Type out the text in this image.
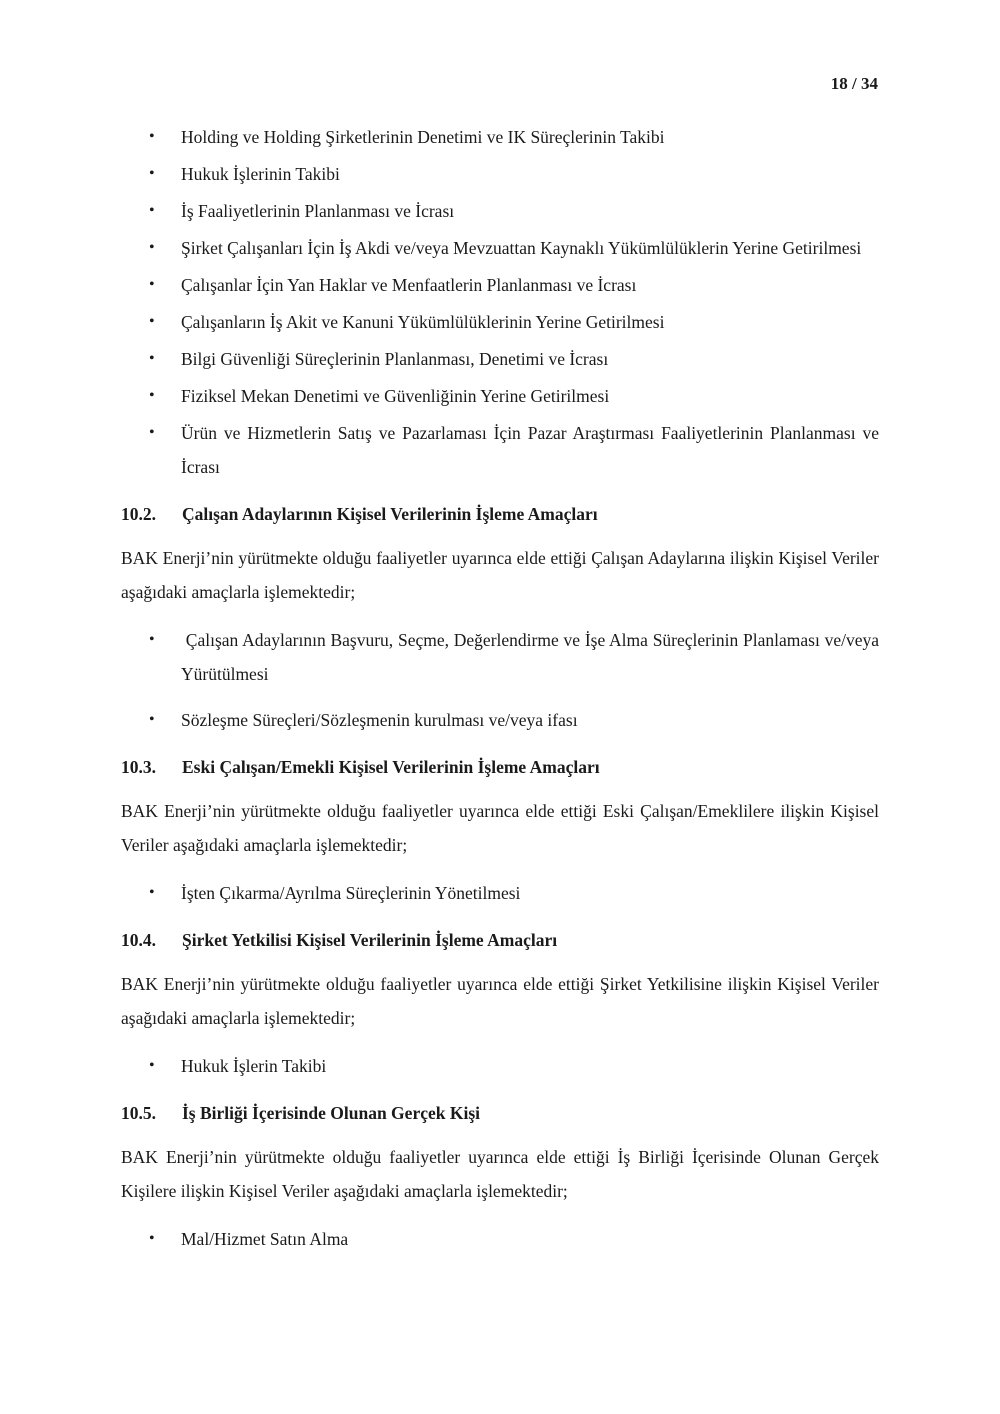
18 / 34
• Holding ve Holding Şirketlerinin Denetimi ve IK Süreçlerinin Takibi
• Hukuk İşlerinin Takibi
• İş Faaliyetlerinin Planlanması ve İcrası
• Şirket Çalışanları İçin İş Akdi ve/veya Mevzuattan Kaynaklı Yükümlülüklerin Yerine Getirilmesi
• Çalışanlar İçin Yan Haklar ve Menfaatlerin Planlanması ve İcrası
• Çalışanların İş Akit ve Kanuni Yükümlülüklerinin Yerine Getirilmesi
• Bilgi Güvenliği Süreçlerinin Planlanması, Denetimi ve İcrası
• Fiziksel Mekan Denetimi ve Güvenliğinin Yerine Getirilmesi
• Ürün ve Hizmetlerin Satış ve Pazarlaması İçin Pazar Araştırması Faaliyetlerinin Planlanması ve İcrası
10.2.	Çalışan Adaylarının Kişisel Verilerinin İşleme Amaçları

BAK Enerji’nin yürütmekte olduğu faaliyetler uyarınca elde ettiği Çalışan Adaylarına ilişkin Kişisel Veriler aşağıdaki amaçlarla işlemektedir;

• Çalışan Adaylarının Başvuru, Seçme, Değerlendirme ve İşe Alma Süreçlerinin Planlaması ve/veya Yürütülmesi
• Sözleşme Süreçleri/Sözleşmenin kurulması ve/veya ifası
10.3.	Eski Çalışan/Emekli Kişisel Verilerinin İşleme Amaçları

BAK Enerji’nin yürütmekte olduğu faaliyetler uyarınca elde ettiği Eski Çalışan/Emeklilere ilişkin Kişisel Veriler aşağıdaki amaçlarla işlemektedir;

• İşten Çıkarma/Ayrılma Süreçlerinin Yönetilmesi
10.4.	Şirket Yetkilisi Kişisel Verilerinin İşleme Amaçları

BAK Enerji’nin yürütmekte olduğu faaliyetler uyarınca elde ettiği Şirket Yetkilisine ilişkin Kişisel Veriler aşağıdaki amaçlarla işlemektedir;

• Hukuk İşlerin Takibi
10.5.	İş Birliği İçerisinde Olunan Gerçek Kişi

BAK Enerji’nin yürütmekte olduğu faaliyetler uyarınca elde ettiği İş Birliği İçerisinde Olunan Gerçek Kişilere ilişkin Kişisel Veriler aşağıdaki amaçlarla işlemektedir;

• Mal/Hizmet Satın Alma
